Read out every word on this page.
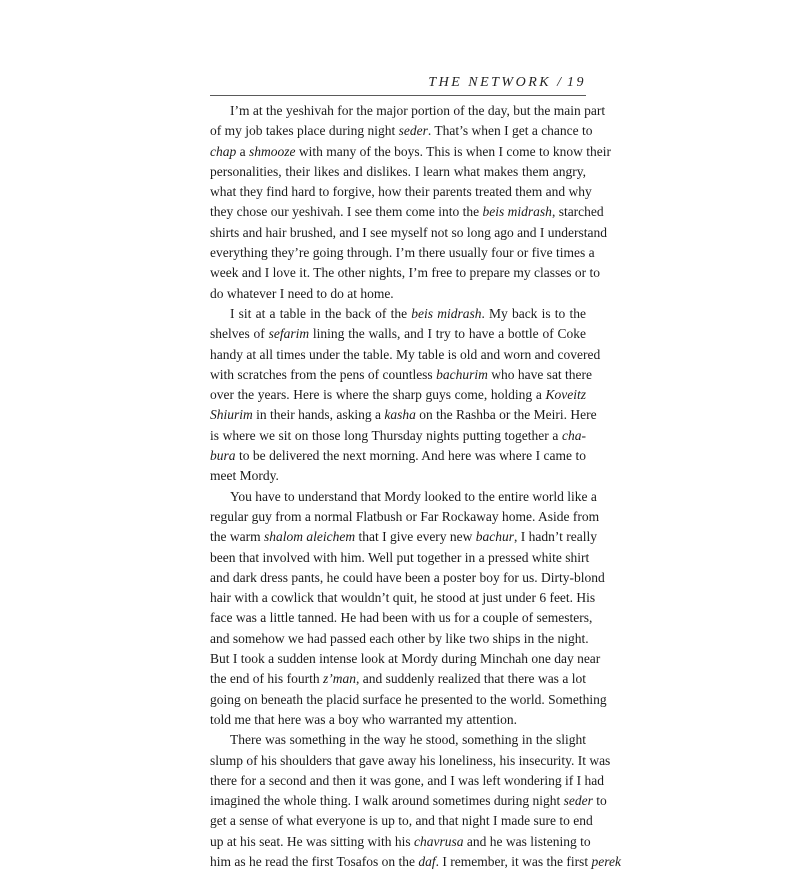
THE NETWORK / 19
I’m at the yeshivah for the major portion of the day, but the main part
of my job takes place during night seder. That’s when I get a chance to
chap a shmooze with many of the boys. This is when I come to know their
personalities, their likes and dislikes. I learn what makes them angry,
what they find hard to forgive, how their parents treated them and why
they chose our yeshivah. I see them come into the beis midrash, starched
shirts and hair brushed, and I see myself not so long ago and I understand
everything they’re going through. I’m there usually four or five times a
week and I love it. The other nights, I’m free to prepare my classes or to
do whatever I need to do at home.
I sit at a table in the back of the beis midrash. My back is to the
shelves of sefarim lining the walls, and I try to have a bottle of Coke
handy at all times under the table. My table is old and worn and covered
with scratches from the pens of countless bachurim who have sat there
over the years. Here is where the sharp guys come, holding a Koveitz
Shiurim in their hands, asking a kasha on the Rashba or the Meiri. Here
is where we sit on those long Thursday nights putting together a cha-
bura to be delivered the next morning. And here was where I came to
meet Mordy.
You have to understand that Mordy looked to the entire world like a
regular guy from a normal Flatbush or Far Rockaway home. Aside from
the warm shalom aleichem that I give every new bachur, I hadn’t really
been that involved with him. Well put together in a pressed white shirt
and dark dress pants, he could have been a poster boy for us. Dirty-blond
hair with a cowlick that wouldn’t quit, he stood at just under 6 feet. His
face was a little tanned. He had been with us for a couple of semesters,
and somehow we had passed each other by like two ships in the night.
But I took a sudden intense look at Mordy during Minchah one day near
the end of his fourth z’man, and suddenly realized that there was a lot
going on beneath the placid surface he presented to the world. Something
told me that here was a boy who warranted my attention.
There was something in the way he stood, something in the slight
slump of his shoulders that gave away his loneliness, his insecurity. It was
there for a second and then it was gone, and I was left wondering if I had
imagined the whole thing. I walk around sometimes during night seder to
get a sense of what everyone is up to, and that night I made sure to end
up at his seat. He was sitting with his chavrusa and he was listening to
him as he read the first Tosafos on the daf. I remember, it was the first perek
